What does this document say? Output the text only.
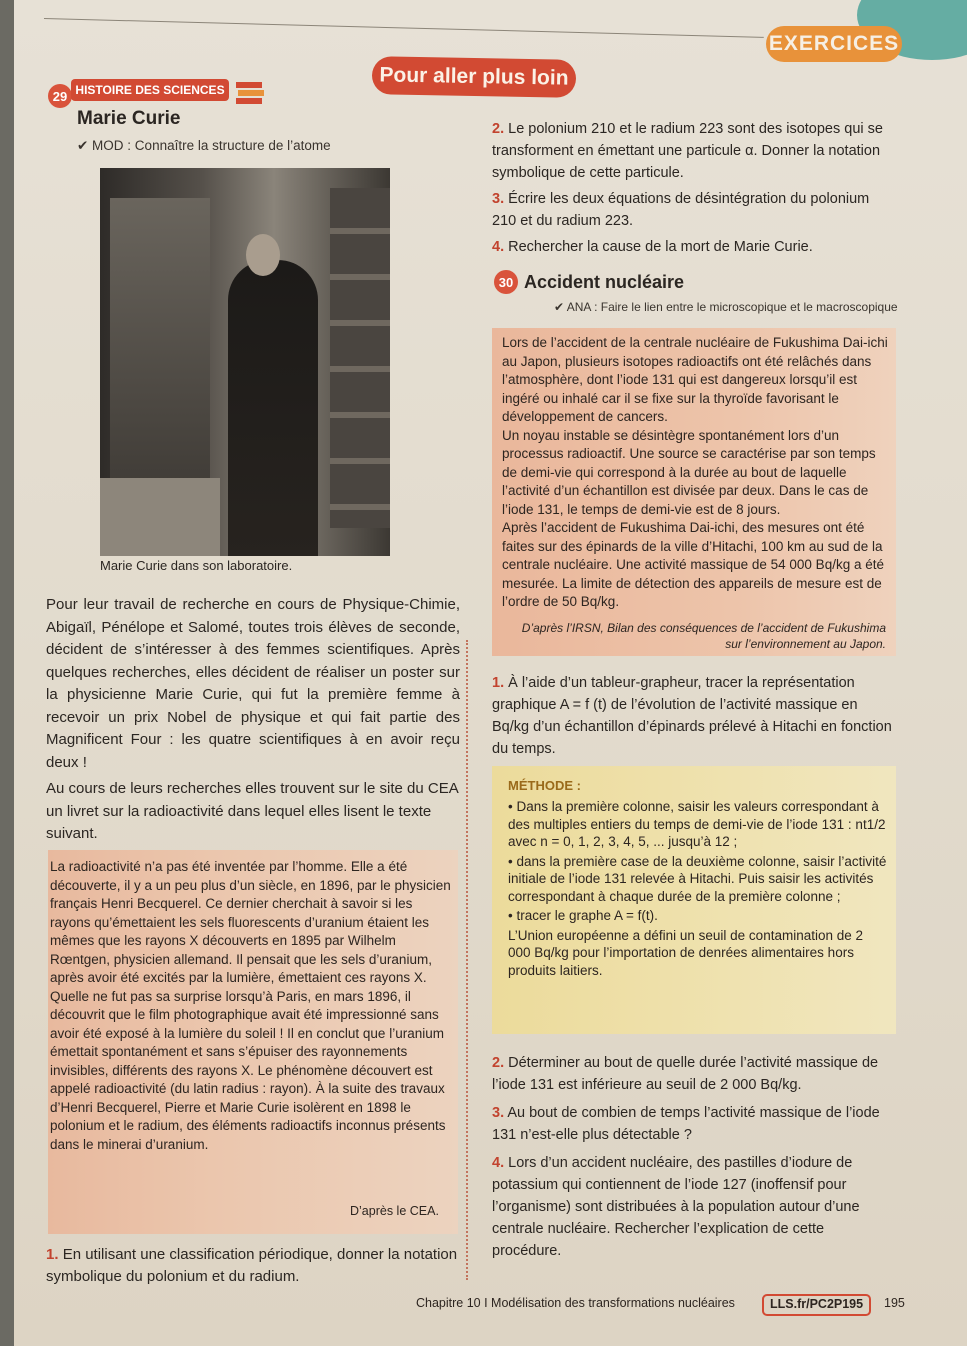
EXERCICES
Pour aller plus loin
29 HISTOIRE DES SCIENCES
Marie Curie
✔ MOD : Connaître la structure de l’atome
Marie Curie dans son laboratoire.
Pour leur travail de recherche en cours de Physique-Chimie, Abigaïl, Pénélope et Salomé, toutes trois élèves de seconde, décident de s’intéresser à des femmes scientifiques. Après quelques recherches, elles décident de réaliser un poster sur la physicienne Marie Curie, qui fut la première femme à recevoir un prix Nobel de physique et qui fait partie des Magnificent Four : les quatre scientifiques à en avoir reçu deux !
Au cours de leurs recherches elles trouvent sur le site du CEA un livret sur la radioactivité dans lequel elles lisent le texte suivant.
La radioactivité n’a pas été inventée par l’homme. Elle a été découverte, il y a un peu plus d’un siècle, en 1896, par le physicien français Henri Becquerel. Ce dernier cherchait à savoir si les rayons qu’émettaient les sels fluorescents d’uranium étaient les mêmes que les rayons X découverts en 1895 par Wilhelm Rœntgen, physicien allemand. Il pensait que les sels d’uranium, après avoir été excités par la lumière, émettaient ces rayons X. Quelle ne fut pas sa surprise lorsqu’à Paris, en mars 1896, il découvrit que le film photographique avait été impressionné sans avoir été exposé à la lumière du soleil ! Il en conclut que l’uranium émettait spontanément et sans s’épuiser des rayonnements invisibles, différents des rayons X. Le phénomène découvert est appelé radioactivité (du latin radius : rayon). À la suite des travaux d’Henri Becquerel, Pierre et Marie Curie isolèrent en 1898 le polonium et le radium, des éléments radioactifs inconnus présents dans le minerai d’uranium.
D’après le CEA.
1. En utilisant une classification périodique, donner la notation symbolique du polonium et du radium.
2. Le polonium 210 et le radium 223 sont des isotopes qui se transforment en émettant une particule α. Donner la notation symbolique de cette particule.
3. Écrire les deux équations de désintégration du polonium 210 et du radium 223.
4. Rechercher la cause de la mort de Marie Curie.
30 Accident nucléaire
✔ ANA : Faire le lien entre le microscopique et le macroscopique
Lors de l’accident de la centrale nucléaire de Fukushima Dai-ichi au Japon, plusieurs isotopes radioactifs ont été relâchés dans l’atmosphère, dont l’iode 131 qui est dangereux lorsqu’il est ingéré ou inhalé car il se fixe sur la thyroïde favorisant le développement de cancers.
Un noyau instable se désintègre spontanément lors d’un processus radioactif. Une source se caractérise par son temps de demi-vie qui correspond à la durée au bout de laquelle l’activité d’un échantillon est divisée par deux. Dans le cas de l’iode 131, le temps de demi-vie est de 8 jours.
Après l’accident de Fukushima Dai-ichi, des mesures ont été faites sur des épinards de la ville d’Hitachi, 100 km au sud de la centrale nucléaire. Une activité massique de 54 000 Bq/kg a été mesurée. La limite de détection des appareils de mesure est de l’ordre de 50 Bq/kg.
D’après l’IRSN, Bilan des conséquences de l’accident de Fukushima sur l’environnement au Japon.
1. À l’aide d’un tableur-grapheur, tracer la représentation graphique A = f (t) de l’évolution de l’activité massique en Bq/kg d’un échantillon d’épinards prélevé à Hitachi en fonction du temps.
MÉTHODE :
• Dans la première colonne, saisir les valeurs correspondant à des multiples entiers du temps de demi-vie de l’iode 131 : nt1/2 avec n = 0, 1, 2, 3, 4, 5, ... jusqu’à 12 ;
• dans la première case de la deuxième colonne, saisir l’activité initiale de l’iode 131 relevée à Hitachi. Puis saisir les activités correspondant à chaque durée de la première colonne ;
• tracer le graphe A = f(t).
L’Union européenne a défini un seuil de contamination de 2 000 Bq/kg pour l’importation de denrées alimentaires hors produits laitiers.
2. Déterminer au bout de quelle durée l’activité massique de l’iode 131 est inférieure au seuil de 2 000 Bq/kg.
3. Au bout de combien de temps l’activité massique de l’iode 131 n’est-elle plus détectable ?
4. Lors d’un accident nucléaire, des pastilles d’iodure de potassium qui contiennent de l’iode 127 (inoffensif pour l’organisme) sont distribuées à la population autour d’une centrale nucléaire. Rechercher l’explication de cette procédure.
Chapitre 10 I Modélisation des transformations nucléaires	LLS.fr/PC2P195	195
